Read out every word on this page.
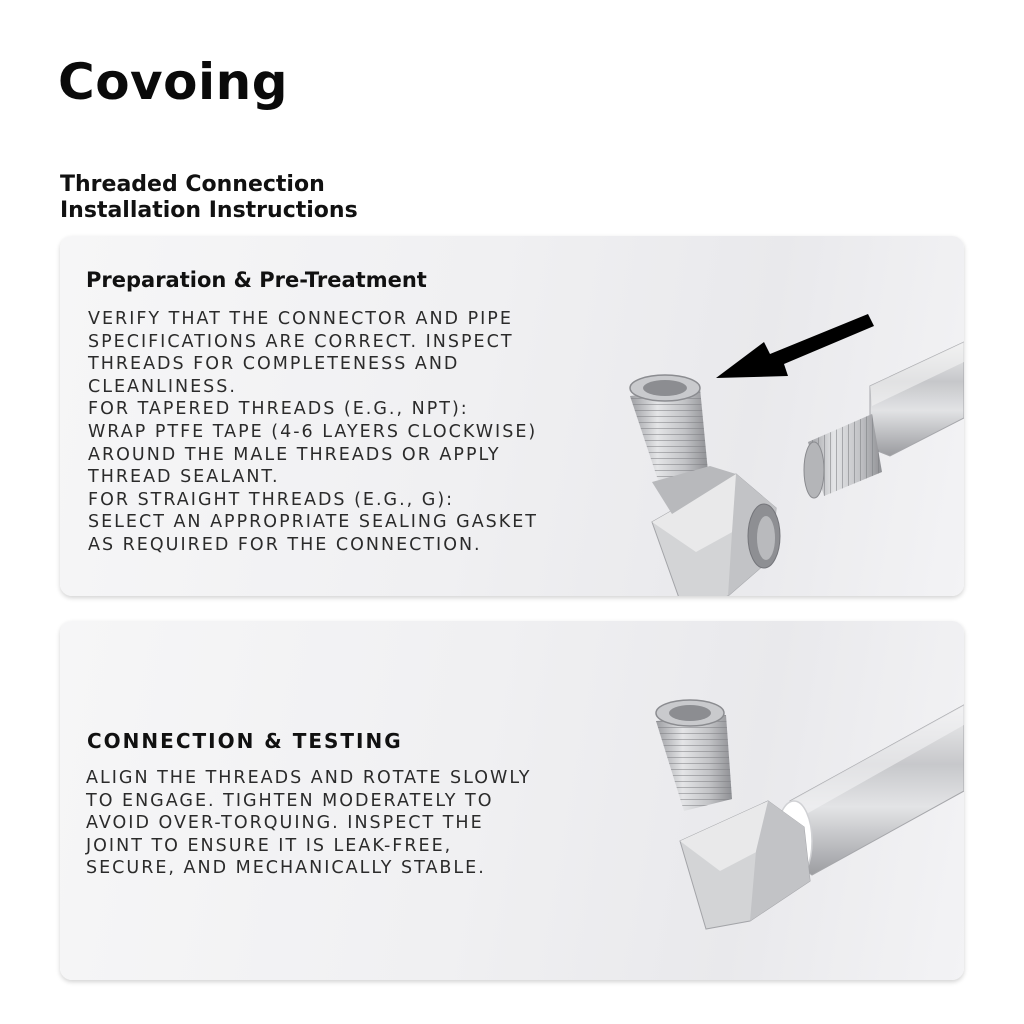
Covoing
Threaded Connection
Installation Instructions
Preparation & Pre-Treatment
VERIFY THAT THE CONNECTOR AND PIPE
SPECIFICATIONS ARE CORRECT. INSPECT
THREADS FOR COMPLETENESS AND
CLEANLINESS.
FOR TAPERED THREADS (E.G., NPT):
WRAP PTFE TAPE (4-6 LAYERS CLOCKWISE)
AROUND THE MALE THREADS OR APPLY
THREAD SEALANT.
FOR STRAIGHT THREADS (E.G., G):
SELECT AN APPROPRIATE SEALING GASKET
AS REQUIRED FOR THE CONNECTION.
CONNECTION & TESTING
ALIGN THE THREADS AND ROTATE SLOWLY
TO ENGAGE. TIGHTEN MODERATELY TO
AVOID OVER-TORQUING. INSPECT THE
JOINT TO ENSURE IT IS LEAK-FREE,
SECURE, AND MECHANICALLY STABLE.
